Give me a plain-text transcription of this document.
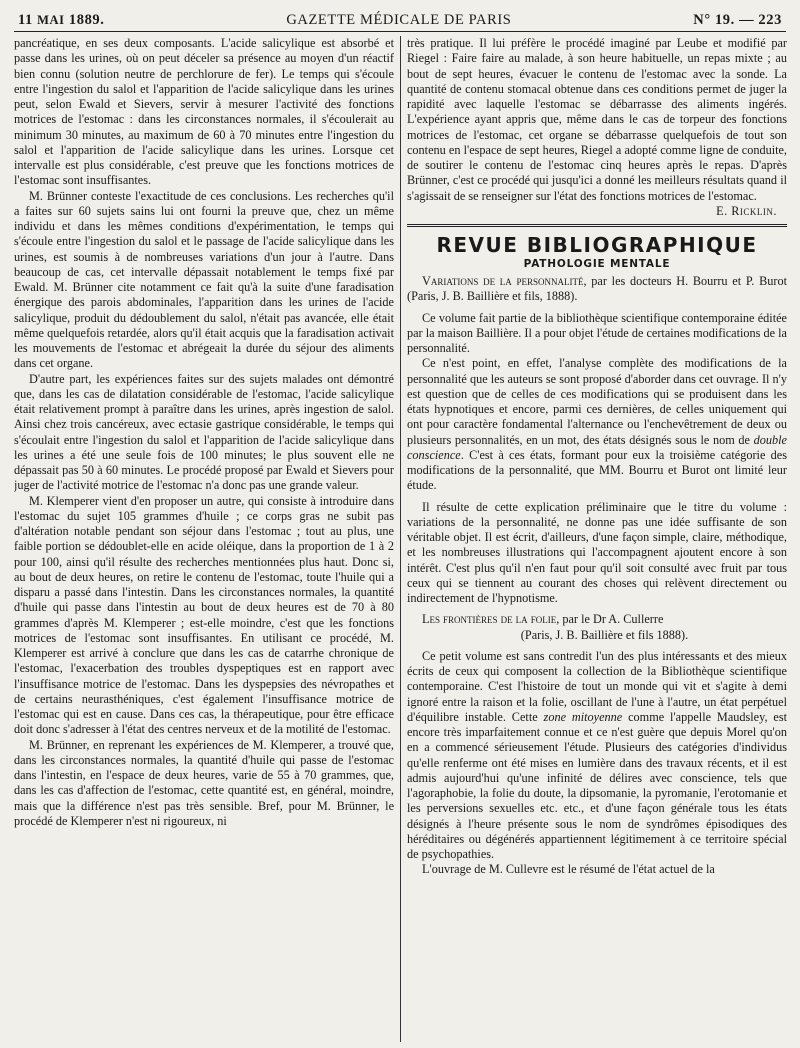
11 MAI 1889.	GAZETTE MÉDICALE DE PARIS	N° 19. — 223

pancréatique, en ses deux composants. L'acide salicylique est absorbé et passe dans les urines, où on peut déceler sa présence au moyen d'un réactif bien connu (solution neutre de perchlorure de fer). Le temps qui s'écoule entre l'ingestion du salol et l'apparition de l'acide salicylique dans les urines peut, selon Ewald et Sievers, servir à mesurer l'activité des fonctions motrices de l'estomac : dans les circonstances normales, il s'écoulerait au minimum 30 minutes, au maximum de 60 à 70 minutes entre l'ingestion du salol et l'apparition de l'acide salicylique dans les urines. Lorsque cet intervalle est plus considérable, c'est preuve que les fonctions motrices de l'estomac sont insuffisantes.

M. Brünner conteste l'exactitude de ces conclusions. Les recherches qu'il a faites sur 60 sujets sains lui ont fourni la preuve que, chez un même individu et dans les mêmes conditions d'expérimentation, le temps qui s'écoule entre l'ingestion du salol et le passage de l'acide salicylique dans les urines, est soumis à de nombreuses variations d'un jour à l'autre. Dans beaucoup de cas, cet intervalle dépassait notablement le temps fixé par Ewald. M. Brünner cite notamment ce fait qu'à la suite d'une faradisation énergique des parois abdominales, l'apparition dans les urines de l'acide salicylique, produit du dédoublement du salol, n'était pas avancée, elle était même quelquefois retardée, alors qu'il était acquis que la faradisation activait les mouvements de l'estomac et abrégeait la durée du séjour des aliments dans cet organe.

D'autre part, les expériences faites sur des sujets malades ont démontré que, dans les cas de dilatation considérable de l'estomac, l'acide salicylique était relativement prompt à paraître dans les urines, après ingestion de salol. Ainsi chez trois cancéreux, avec ectasie gastrique considérable, le temps qui s'écoulait entre l'ingestion du salol et l'apparition de l'acide salicylique dans les urines a été une seule fois de 100 minutes; le plus souvent elle ne dépassait pas 50 à 60 minutes. Le procédé proposé par Ewald et Sievers pour juger de l'activité motrice de l'estomac n'a donc pas une grande valeur.

M. Klemperer vient d'en proposer un autre, qui consiste à introduire dans l'estomac du sujet 105 grammes d'huile ; ce corps gras ne subit pas d'altération notable pendant son séjour dans l'estomac ; tout au plus, une faible portion se dédoublet-elle en acide oléique, dans la proportion de 1 à 2 pour 100, ainsi qu'il résulte des recherches mentionnées plus haut. Donc si, au bout de deux heures, on retire le contenu de l'estomac, toute l'huile qui a disparu a passé dans l'intestin. Dans les circonstances normales, la quantité d'huile qui passe dans l'intestin au bout de deux heures est de 70 à 80 grammes d'après M. Klemperer ; est-elle moindre, c'est que les fonctions motrices de l'estomac sont insuffisantes. En utilisant ce procédé, M. Klemperer est arrivé à conclure que dans les cas de catarrhe chronique de l'estomac, l'exacerbation des troubles dyspeptiques est en rapport avec l'insuffisance motrice de l'estomac. Dans les dyspepsies des névropathes et de certains neurasthéniques, c'est également l'insuffisance motrice de l'estomac qui est en cause. Dans ces cas, la thérapeutique, pour être efficace doit donc s'adresser à l'état des centres nerveux et de la motilité de l'estomac.

M. Brünner, en reprenant les expériences de M. Klemperer, a trouvé que, dans les circonstances normales, la quantité d'huile qui passe de l'estomac dans l'intestin, en l'espace de deux heures, varie de 55 à 70 grammes, que, dans les cas d'affection de l'estomac, cette quantité est, en général, moindre, mais que la différence n'est pas très sensible. Bref, pour M. Brünner, le procédé de Klemperer n'est ni rigoureux, ni

très pratique. Il lui préfère le procédé imaginé par Leube et modifié par Riegel : Faire faire au malade, à son heure habituelle, un repas mixte ; au bout de sept heures, évacuer le contenu de l'estomac avec la sonde. La quantité de contenu stomacal obtenue dans ces conditions permet de juger la rapidité avec laquelle l'estomac se débarrasse des aliments ingérés. L'expérience ayant appris que, même dans le cas de torpeur des fonctions motrices de l'estomac, cet organe se débarrasse quelquefois de tout son contenu en l'espace de sept heures, Riegel a adopté comme ligne de conduite, de soutirer le contenu de l'estomac cinq heures après le repas. D'après Brünner, c'est ce procédé qui jusqu'ici a donné les meilleurs résultats quand il s'agissait de se renseigner sur l'état des fonctions motrices de l'estomac.

E. Ricklin.

REVUE BIBLIOGRAPHIQUE
PATHOLOGIE MENTALE

Variations de la personnalité, par les docteurs H. Bourru et P. Burot (Paris, J. B. Baillière et fils, 1888).

Ce volume fait partie de la bibliothèque scientifique contemporaine éditée par la maison Baillière. Il a pour objet l'étude de certaines modifications de la personnalité.

Ce n'est point, en effet, l'analyse complète des modifications de la personnalité que les auteurs se sont proposé d'aborder dans cet ouvrage. Il n'y est question que de celles de ces modifications qui se produisent dans les états hypnotiques et encore, parmi ces dernières, de celles uniquement qui ont pour caractère fondamental l'alternance ou l'enchevêtrement de deux ou plusieurs personnalités, en un mot, des états désignés sous le nom de double conscience. C'est à ces états, formant pour eux la troisième catégorie des modifications de la personnalité, que MM. Bourru et Burot ont limité leur étude.

Il résulte de cette explication préliminaire que le titre du volume : variations de la personnalité, ne donne pas une idée suffisante de son véritable objet. Il est écrit, d'ailleurs, d'une façon simple, claire, méthodique, et les nombreuses illustrations qui l'accompagnent ajoutent encore à son intérêt. C'est plus qu'il n'en faut pour qu'il soit consulté avec fruit par tous ceux qui se tiennent au courant des choses qui relèvent directement ou indirectement de l'hypnotisme.

Les frontières de la folie, par le Dr A. Cullerre

(Paris, J. B. Baillière et fils 1888).

Ce petit volume est sans contredit l'un des plus intéressants et des mieux écrits de ceux qui composent la collection de la Bibliothèque scientifique contemporaine. C'est l'histoire de tout un monde qui vit et s'agite à demi ignoré entre la raison et la folie, oscillant de l'une à l'autre, un état perpétuel d'équilibre instable. Cette zone mitoyenne comme l'appelle Maudsley, est encore très imparfaitement connue et ce n'est guère que depuis Morel qu'on en a commencé sérieusement l'étude. Plusieurs des catégories d'individus qu'elle renferme ont été mises en lumière dans des travaux récents, et il est admis aujourd'hui qu'une infinité de délires avec conscience, tels que l'agoraphobie, la folie du doute, la dipsomanie, la pyromanie, l'erotomanie et les perversions sexuelles etc. etc., et d'une façon générale tous les états désignés à l'heure présente sous le nom de syndrômes épisodiques des héréditaires ou dégénérés appartiennent légitimement à ce territoire spécial de psychopathies.

L'ouvrage de M. Cullevre est le résumé de l'état actuel de la
